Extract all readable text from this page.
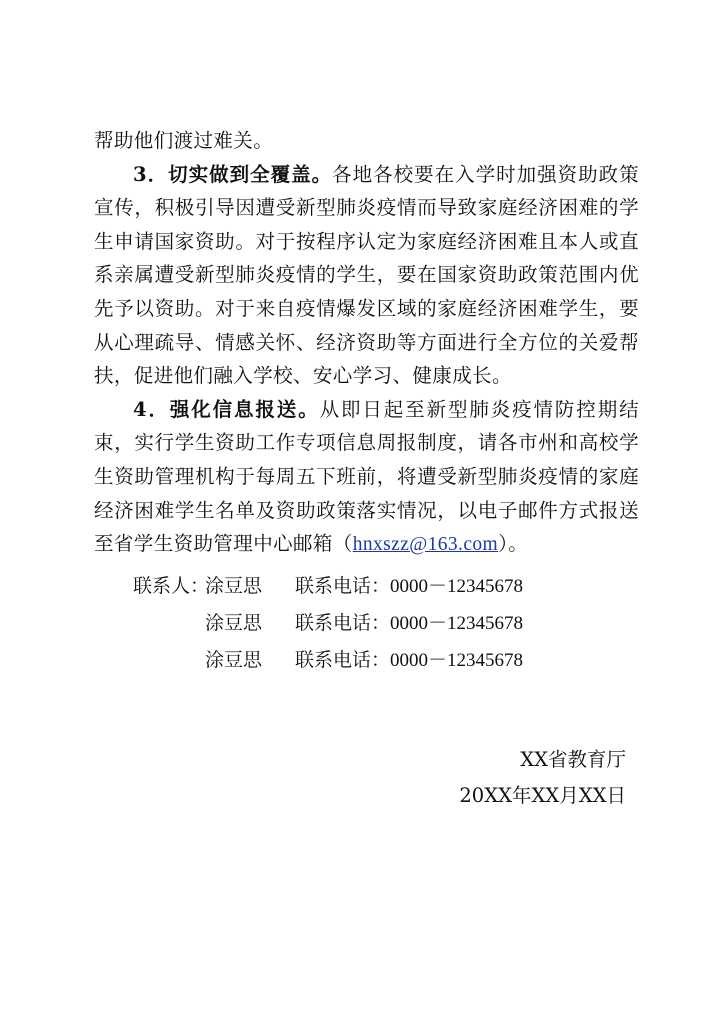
帮助他们渡过难关。

3．切实做到全覆盖。各地各校要在入学时加强资助政策宣传，积极引导因遭受新型肺炎疫情而导致家庭经济困难的学生申请国家资助。对于按程序认定为家庭经济困难且本人或直系亲属遭受新型肺炎疫情的学生，要在国家资助政策范围内优先予以资助。对于来自疫情爆发区域的家庭经济困难学生，要从心理疏导、情感关怀、经济资助等方面进行全方位的关爱帮扶，促进他们融入学校、安心学习、健康成长。

4．强化信息报送。从即日起至新型肺炎疫情防控期结束，实行学生资助工作专项信息周报制度，请各市州和高校学生资助管理机构于每周五下班前，将遭受新型肺炎疫情的家庭经济困难学生名单及资助政策落实情况，以电子邮件方式报送至省学生资助管理中心邮箱（hnxszz@163.com）。

联系人：涂豆思 联系电话：0000－12345678
涂豆思 联系电话：0000－12345678
涂豆思 联系电话：0000－12345678
XX省教育厅
20XX年XX月XX日
